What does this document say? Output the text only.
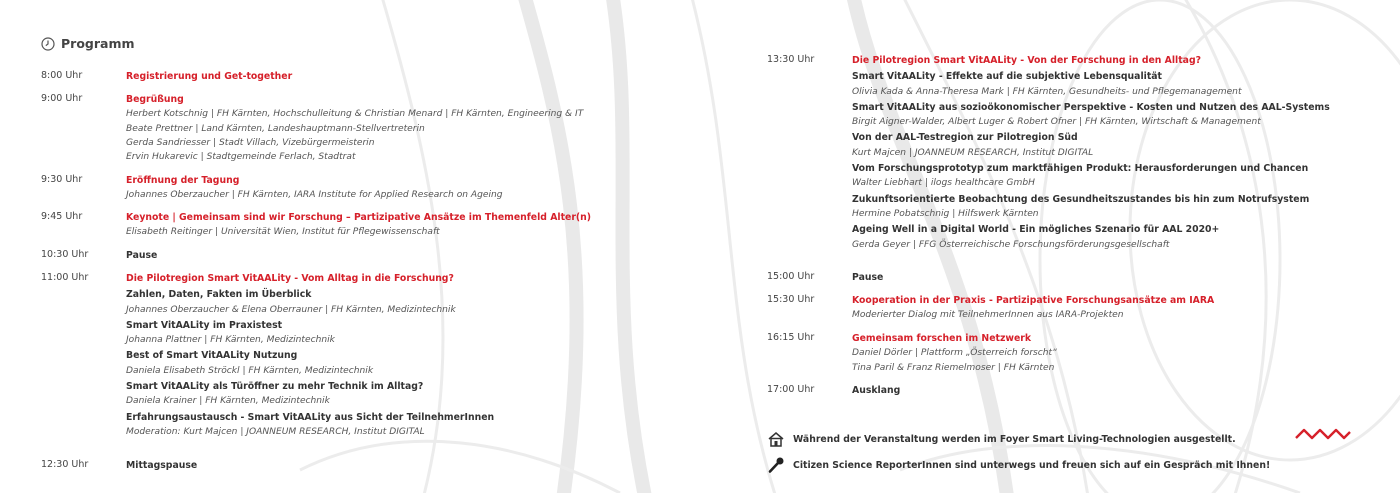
Programm
8:00 Uhr	Registrierung und Get-together
9:00 Uhr	Begrüßung
Herbert Kotschnig | FH Kärnten, Hochschulleitung & Christian Menard | FH Kärnten, Engineering & IT
Beate Prettner | Land Kärnten, Landeshauptmann-Stellvertreterin
Gerda Sandriesser | Stadt Villach, Vizebürgermeisterin
Ervin Hukarevic | Stadtgemeinde Ferlach, Stadtrat
9:30 Uhr	Eröffnung der Tagung
Johannes Oberzaucher | FH Kärnten, IARA Institute for Applied Research on Ageing
9:45 Uhr	Keynote | Gemeinsam sind wir Forschung – Partizipative Ansätze im Themenfeld Alter(n)
Elisabeth Reitinger | Universität Wien, Institut für Pflegewissenschaft
10:30 Uhr	Pause
11:00 Uhr	Die Pilotregion Smart VitAALity - Vom Alltag in die Forschung?
Zahlen, Daten, Fakten im Überblick
Johannes Oberzaucher & Elena Oberrauner | FH Kärnten, Medizintechnik
Smart VitAALity im Praxistest
Johanna Plattner | FH Kärnten, Medizintechnik
Best of Smart VitAALity Nutzung
Daniela Elisabeth Ströckl | FH Kärnten, Medizintechnik
Smart VitAALity als Türöffner zu mehr Technik im Alltag?
Daniela Krainer | FH Kärnten, Medizintechnik
Erfahrungsaustausch - Smart VitAALity aus Sicht der TeilnehmerInnen
Moderation: Kurt Majcen | JOANNEUM RESEARCH, Institut DIGITAL
12:30 Uhr	Mittagspause
13:30 Uhr	Die Pilotregion Smart VitAALity - Von der Forschung in den Alltag?
Smart VitAALity - Effekte auf die subjektive Lebensqualität
Olivia Kada & Anna-Theresa Mark | FH Kärnten, Gesundheits- und Pflegemanagement
Smart VitAALity aus sozioökonomischer Perspektive - Kosten und Nutzen des AAL-Systems
Birgit Aigner-Walder, Albert Luger & Robert Ofner | FH Kärnten, Wirtschaft & Management
Von der AAL-Testregion zur Pilotregion Süd
Kurt Majcen | JOANNEUM RESEARCH, Institut DIGITAL
Vom Forschungsprototyp zum marktfähigen Produkt: Herausforderungen und Chancen
Walter Liebhart | ilogs healthcare GmbH
Zukunftsorientierte Beobachtung des Gesundheitszustandes bis hin zum Notrufsystem
Hermine Pobatschnig | Hilfswerk Kärnten
Ageing Well in a Digital World - Ein mögliches Szenario für AAL 2020+
Gerda Geyer | FFG Österreichische Forschungsförderungsgesellschaft
15:00 Uhr	Pause
15:30 Uhr	Kooperation in der Praxis - Partizipative Forschungsansätze am IARA
Moderierter Dialog mit TeilnehmerInnen aus IARA-Projekten
16:15 Uhr	Gemeinsam forschen im Netzwerk
Daniel Dörler | Plattform „Österreich forscht“
Tina Paril & Franz Riemelmoser | FH Kärnten
17:00 Uhr	Ausklang
Während der Veranstaltung werden im Foyer Smart Living-Technologien ausgestellt.
Citizen Science ReporterInnen sind unterwegs und freuen sich auf ein Gespräch mit Ihnen!
